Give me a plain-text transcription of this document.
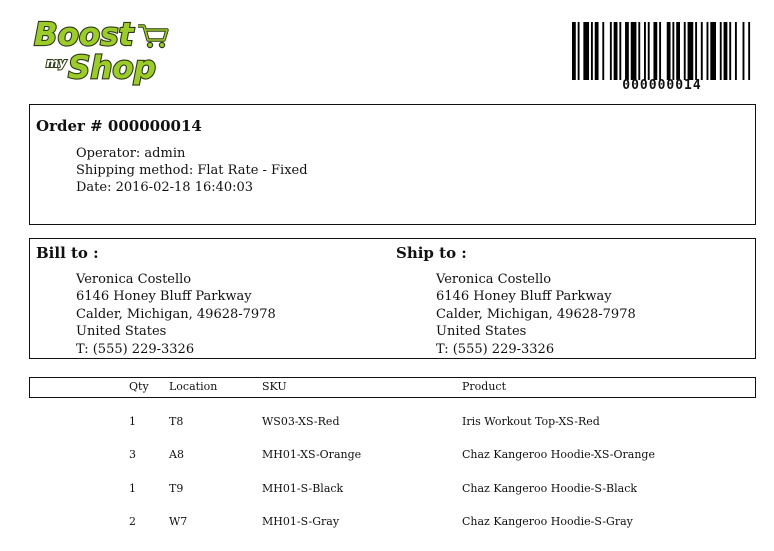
Boost
my Shop	000000014
Order # 000000014
Operator: admin
Shipping method: Flat Rate - Fixed
Date: 2016-02-18 16:40:03
Bill to :
Veronica Costello
6146 Honey Bluff Parkway
Calder, Michigan, 49628-7978
United States
T: (555) 229-3326
Ship to :
Veronica Costello
6146 Honey Bluff Parkway
Calder, Michigan, 49628-7978
United States
T: (555) 229-3326
Qty Location	SKU	Product
1	T8	WS03-XS-Red	Iris Workout Top-XS-Red
3	A8	MH01-XS-Orange	Chaz Kangeroo Hoodie-XS-Orange
1	T9	MH01-S-Black	Chaz Kangeroo Hoodie-S-Black
2	W7	MH01-S-Gray	Chaz Kangeroo Hoodie-S-Gray
